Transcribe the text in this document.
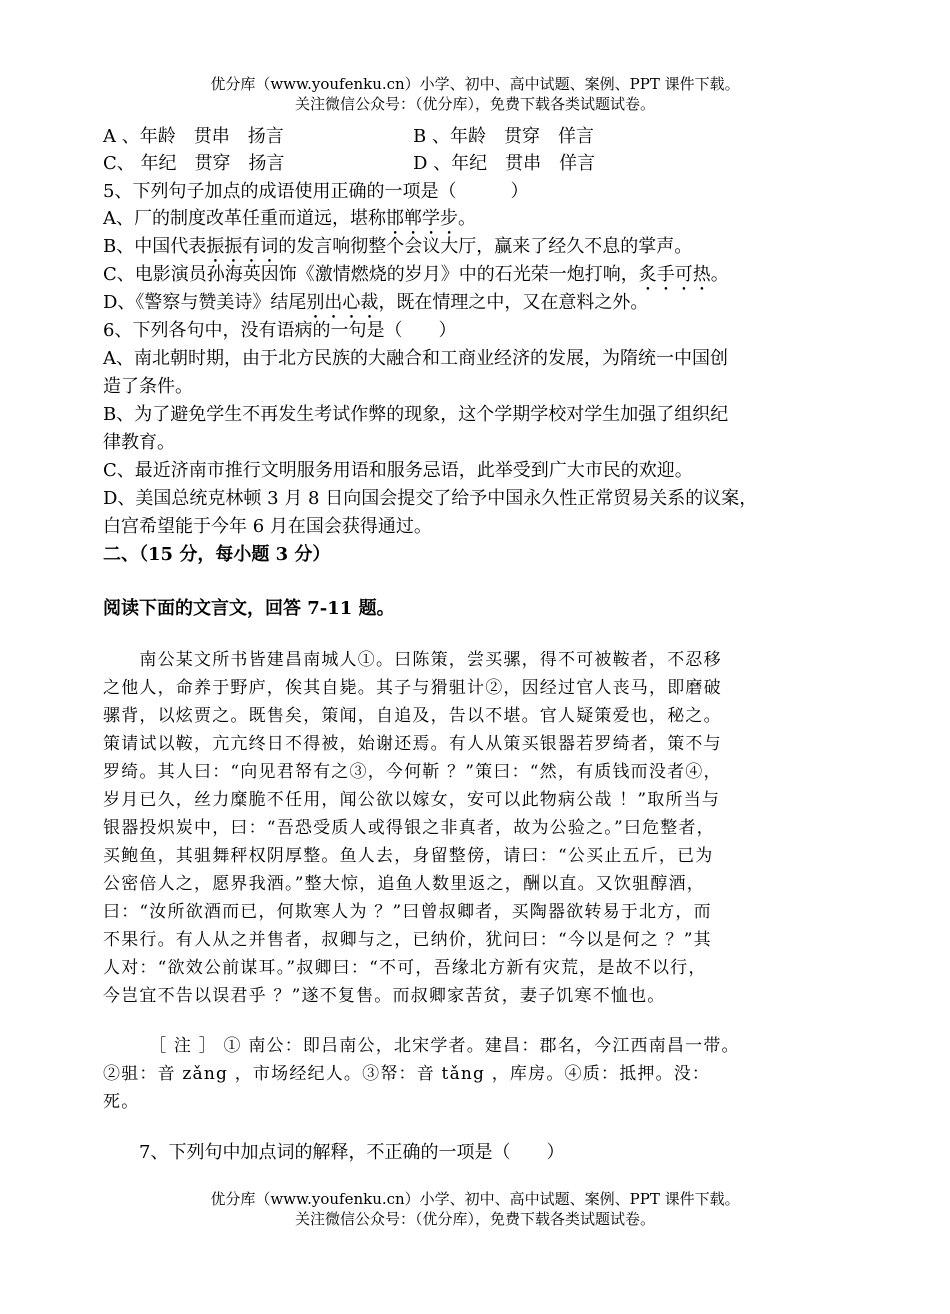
优分库（www.youfenku.cn）小学、初中、高中试题、案例、PPT 课件下载。
关注微信公众号：（优分库），免费下载各类试题试卷。
A 、年龄　贯串　扬言	B 、年龄　贯穿　佯言
C、 年纪　贯穿　扬言	D 、年纪　贯串　佯言
5、下列句子加点的成语使用正确的一项是（　　　）
A、厂的制度改革任重而道远，堪称邯郸学步。
B、中国代表振振有词的发言响彻整个会议大厅，赢来了经久不息的掌声。
C、电影演员孙海英因饰《激情燃烧的岁月》中的石光荣一炮打响，炙手可热。
D、《警察与赞美诗》结尾别出心裁，既在情理之中，又在意料之外。
6、下列各句中，没有语病的一句是（　　）
A、南北朝时期，由于北方民族的大融合和工商业经济的发展，为隋统一中国创
造了条件。
B、为了避免学生不再发生考试作弊的现象，这个学期学校对学生加强了组织纪
律教育。
C、最近济南市推行文明服务用语和服务忌语，此举受到广大市民的欢迎。
D、美国总统克林顿 3 月 8 日向国会提交了给予中国永久性正常贸易关系的议案，
白宫希望能于今年 6 月在国会获得通过。
二、（15 分，每小题 3 分）
阅读下面的文言文，回答 7-11 题。
　　南公某文所书皆建昌南城人①。曰陈策，尝买骡，得不可被鞍者，不忍移
之他人，命养于野庐，俟其自毙。其子与猾驵计②，因经过官人丧马，即磨破
骡背，以炫贾之。既售矣，策闻，自追及，告以不堪。官人疑策爱也，秘之。
策请试以鞍，亢亢终日不得被，始谢还焉。有人从策买银器若罗绮者，策不与
罗绮。其人曰：“向见君帑有之③，今何靳 ？”策曰：“然，有质钱而没者④，
岁月已久，丝力糜脆不任用，闻公欲以嫁女，安可以此物病公哉 ！”取所当与
银器投炽炭中，曰：“吾恐受质人或得银之非真者，故为公验之。”曰危整者，
买鲍鱼，其驵舞秤权阴厚整。鱼人去，身留整傍，请曰：“公买止五斤，已为
公密倍人之，愿界我酒。”整大惊，追鱼人数里返之，酬以直。又饮驵醇酒，
曰：“汝所欲酒而已，何欺寒人为 ？”曰曾叔卿者，买陶器欲转易于北方，而
不果行。有人从之并售者，叔卿与之，已纳价，犹问曰：“今以是何之 ？”其
人对：“欲效公前谋耳。”叔卿曰：“不可，吾缘北方新有灾荒，是故不以行，
今岂宜不告以误君乎 ？”遂不复售。而叔卿家苦贫，妻子饥寒不恤也。
　　　［ 注 ］ ① 南公：即吕南公，北宋学者。建昌：郡名，今江西南昌一带。
②驵：音 zǎng ，市场经纪人。③帑：音 tǎng ，库房。④质：抵押。没：
死。
　　7、下列句中加点词的解释，不正确的一项是（　　）
优分库（www.youfenku.cn）小学、初中、高中试题、案例、PPT 课件下载。
关注微信公众号：（优分库），免费下载各类试题试卷。
